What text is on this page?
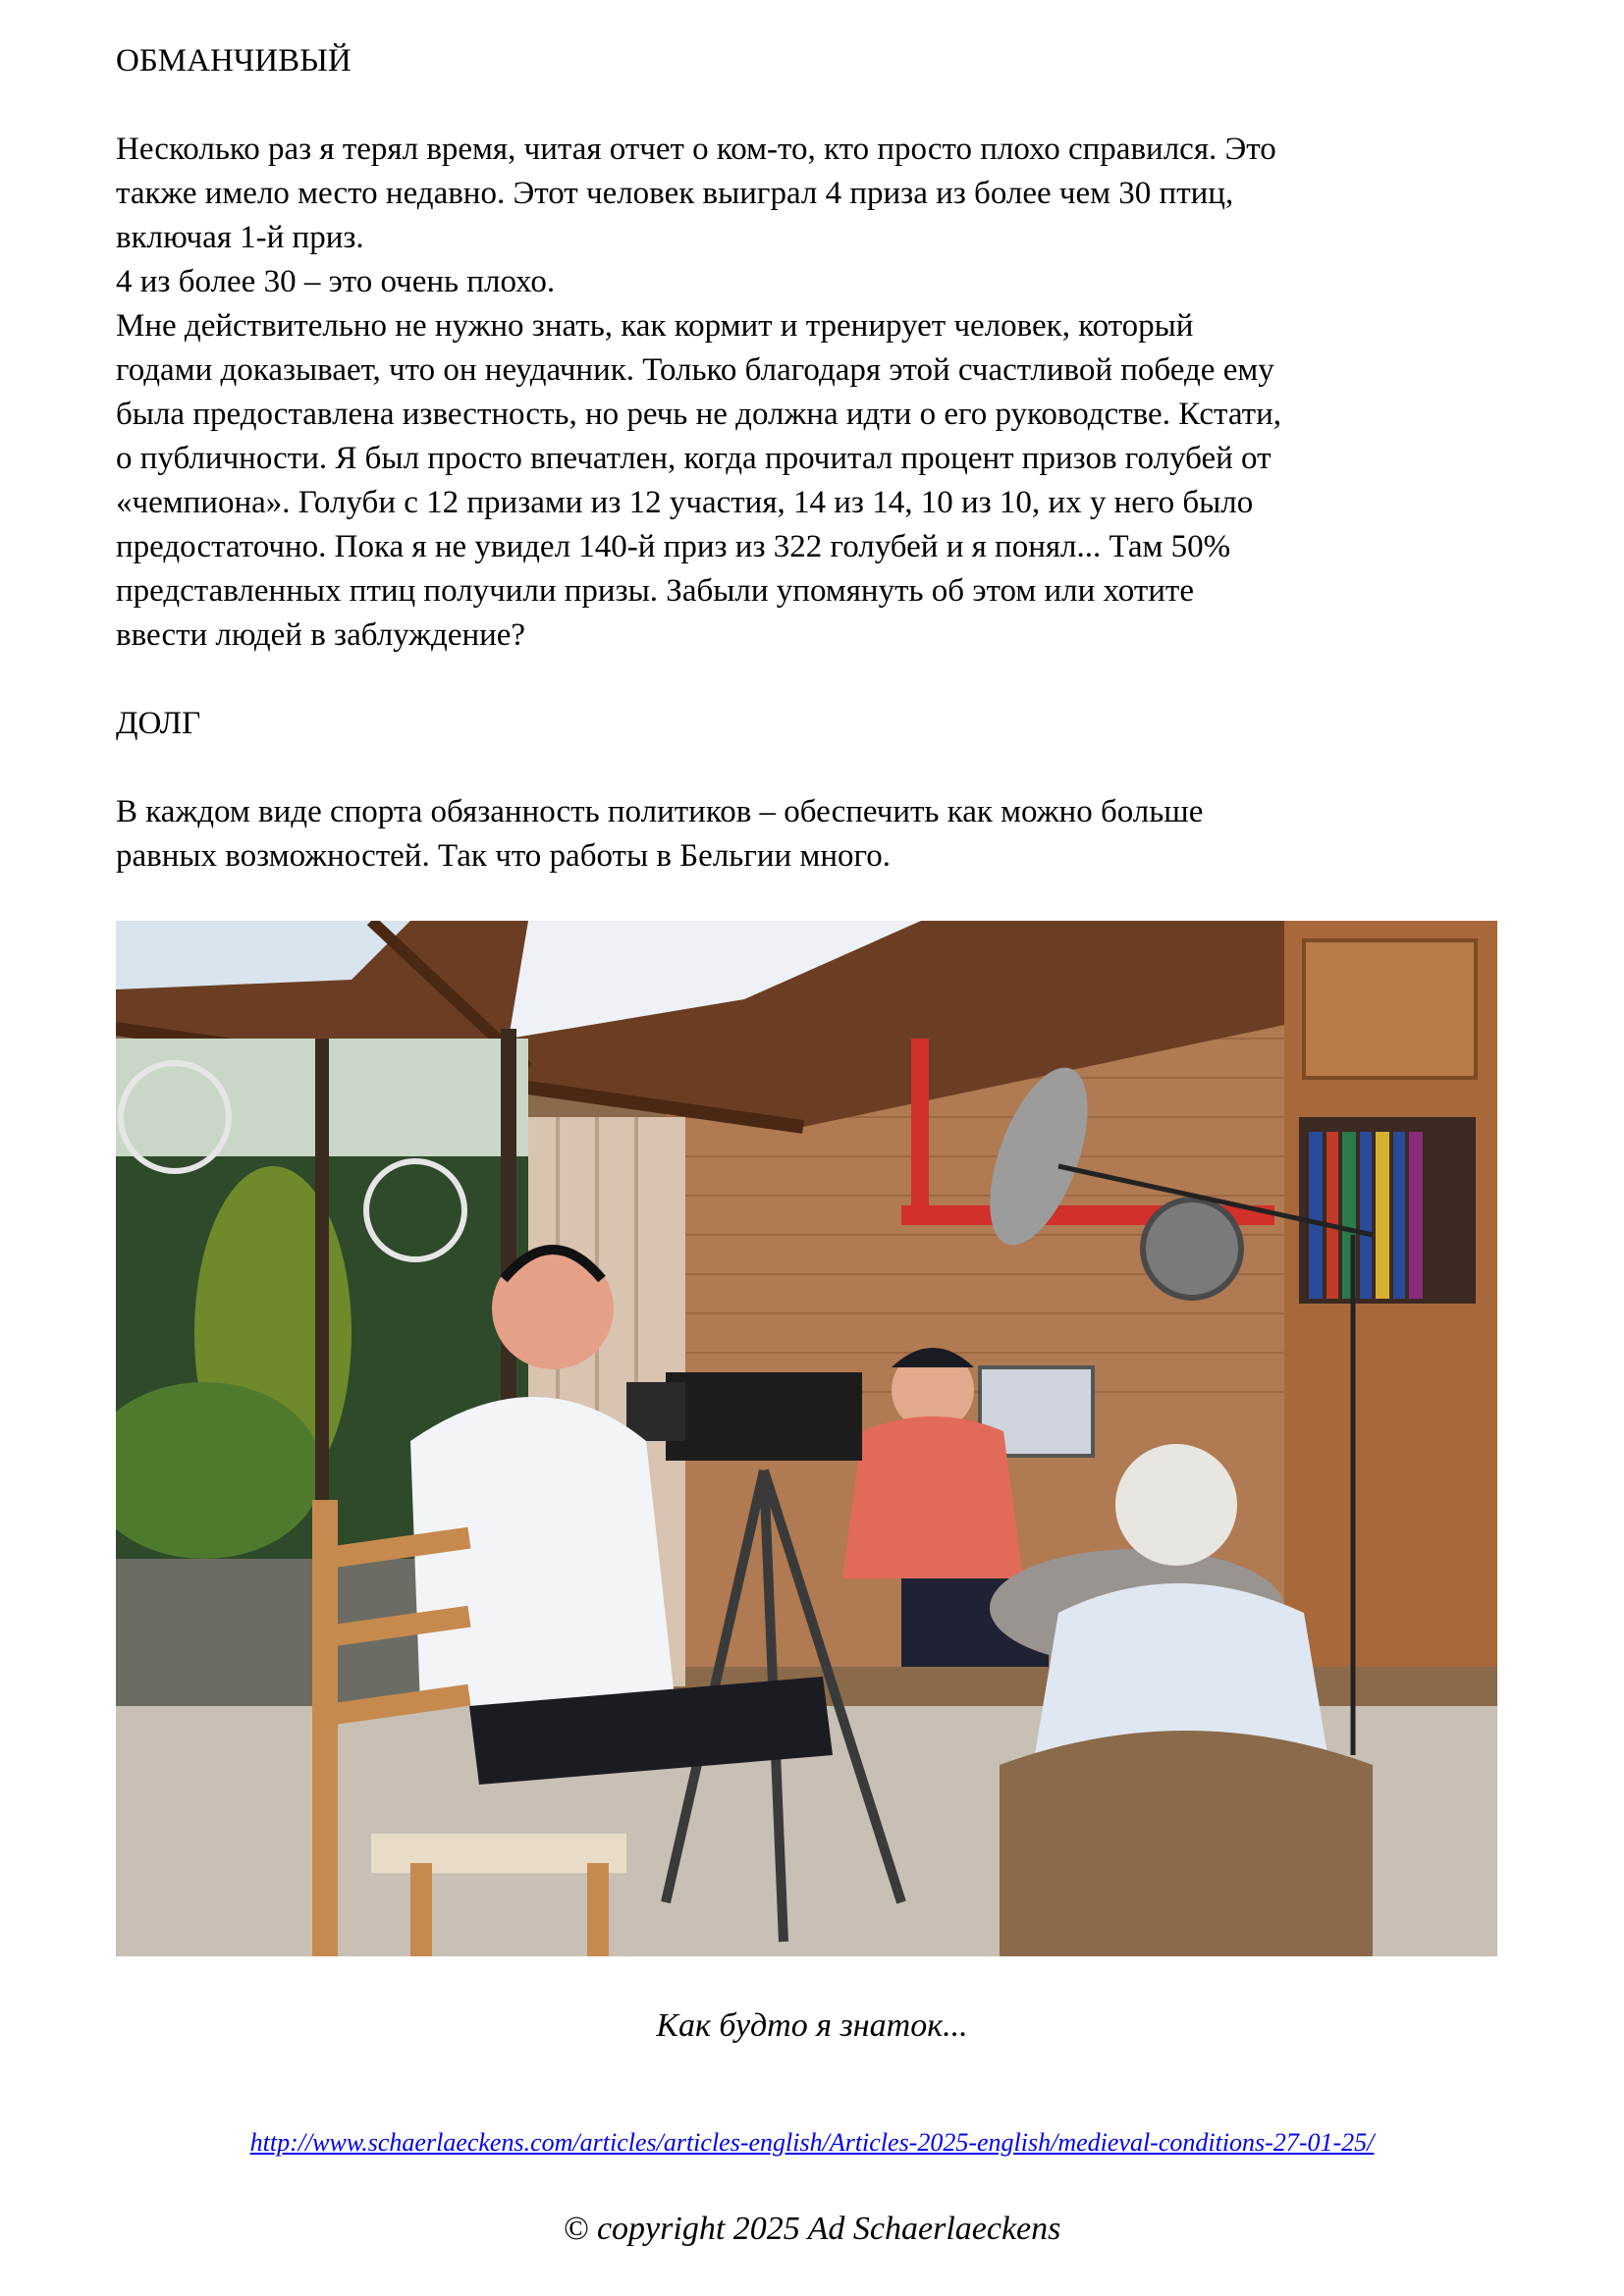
ОБМАНЧИВЫЙ
Несколько раз я терял время, читая отчет о ком-то, кто просто плохо справился. Это
также имело место недавно. Этот человек выиграл 4 приза из более чем 30 птиц,
включая 1-й приз.
4 из более 30 – это очень плохо.
Мне действительно не нужно знать, как кормит и тренирует человек, который
годами доказывает, что он неудачник. Только благодаря этой счастливой победе ему
была предоставлена известность, но речь не должна идти о его руководстве. Кстати,
о публичности. Я был просто впечатлен, когда прочитал процент призов голубей от
«чемпиона». Голуби с 12 призами из 12 участия, 14 из 14, 10 из 10, их у него было
предостаточно. Пока я не увидел 140-й приз из 322 голубей и я понял... Там 50%
представленных птиц получили призы. Забыли упомянуть об этом или хотите
ввести людей в заблуждение?
ДОЛГ
В каждом виде спорта обязанность политиков – обеспечить как можно больше
равных возможностей. Так что работы в Бельгии много.
Как будто я знаток...
http://www.schaerlaeckens.com/articles/articles-english/Articles-2025-english/medieval-conditions-27-01-25/
© copyright 2025 Ad Schaerlaeckens
